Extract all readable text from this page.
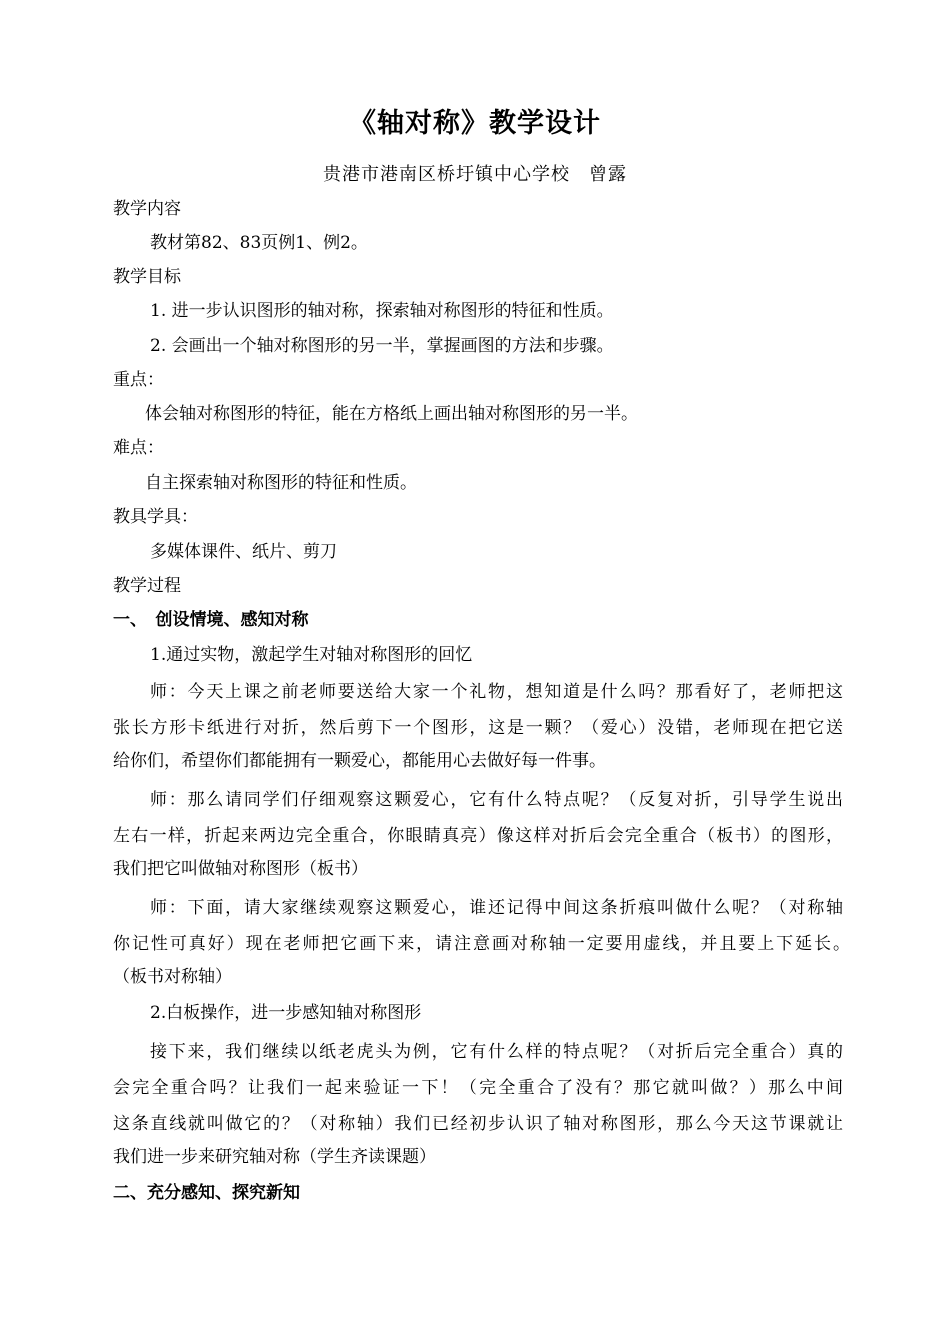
《轴对称》教学设计
贵港市港南区桥圩镇中心学校　曾露
教学内容
教材第82、83页例1、例2。
教学目标
1. 进一步认识图形的轴对称，探索轴对称图形的特征和性质。
2. 会画出一个轴对称图形的另一半，掌握画图的方法和步骤。
重点：
体会轴对称图形的特征，能在方格纸上画出轴对称图形的另一半。
难点：
自主探索轴对称图形的特征和性质。
教具学具：
多媒体课件、纸片、剪刀
教学过程
一、　创设情境、感知对称
1.通过实物，激起学生对轴对称图形的回忆
师：今天上课之前老师要送给大家一个礼物，想知道是什么吗？那看好了，老师把这
张长方形卡纸进行对折，然后剪下一个图形，这是一颗？（爱心）没错，老师现在把它送
给你们，希望你们都能拥有一颗爱心，都能用心去做好每一件事。
师：那么请同学们仔细观察这颗爱心，它有什么特点呢？（反复对折，引导学生说出
左右一样，折起来两边完全重合，你眼睛真亮）像这样对折后会完全重合（板书）的图形，
我们把它叫做轴对称图形（板书）
师：下面，请大家继续观察这颗爱心，谁还记得中间这条折痕叫做什么呢？（对称轴
你记性可真好）现在老师把它画下来，请注意画对称轴一定要用虚线，并且要上下延长。
（板书对称轴）
2.白板操作，进一步感知轴对称图形
接下来，我们继续以纸老虎头为例，它有什么样的特点呢？（对折后完全重合）真的
会完全重合吗？让我们一起来验证一下！（完全重合了没有？那它就叫做？）那么中间
这条直线就叫做它的？（对称轴）我们已经初步认识了轴对称图形，那么今天这节课就让
我们进一步来研究轴对称（学生齐读课题）
二、充分感知、探究新知
